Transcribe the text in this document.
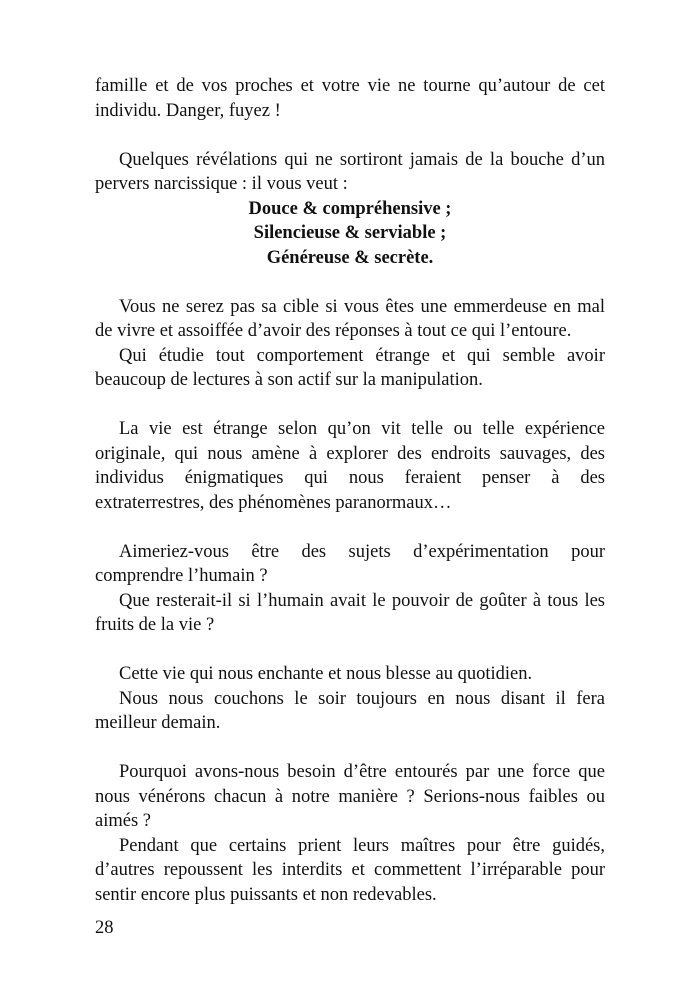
famille et de vos proches et votre vie ne tourne qu’autour de cet individu. Danger, fuyez !

Quelques révélations qui ne sortiront jamais de la bouche d’un pervers narcissique : il vous veut :

Douce & compréhensive ;

Silencieuse & serviable ;

Généreuse & secrète.

Vous ne serez pas sa cible si vous êtes une emmerdeuse en mal de vivre et assoiffée d’avoir des réponses à tout ce qui l’entoure.

Qui étudie tout comportement étrange et qui semble avoir beaucoup de lectures à son actif sur la manipulation.

La vie est étrange selon qu’on vit telle ou telle expérience originale, qui nous amène à explorer des endroits sauvages, des individus énigmatiques qui nous feraient penser à des extraterrestres, des phénomènes paranormaux…

Aimeriez-vous être des sujets d’expérimentation pour comprendre l’humain ?

Que resterait-il si l’humain avait le pouvoir de goûter à tous les fruits de la vie ?

Cette vie qui nous enchante et nous blesse au quotidien.

Nous nous couchons le soir toujours en nous disant il fera meilleur demain.

Pourquoi avons-nous besoin d’être entourés par une force que nous vénérons chacun à notre manière ? Serions-nous faibles ou aimés ?

Pendant que certains prient leurs maîtres pour être guidés, d’autres repoussent les interdits et commettent l’irréparable pour sentir encore plus puissants et non redevables.

28
